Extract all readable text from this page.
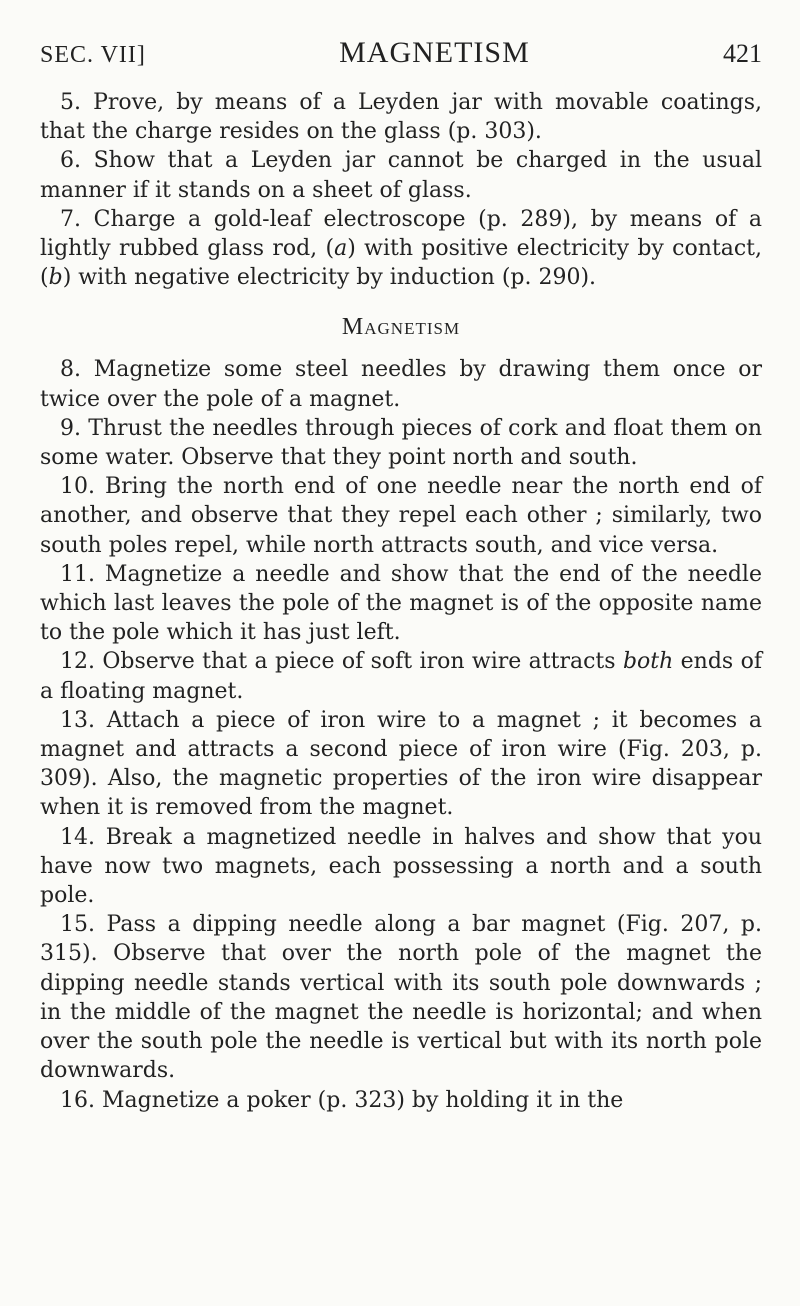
SEC. VII]	MAGNETISM	421

5. Prove, by means of a Leyden jar with movable coatings, that the charge resides on the glass (p. 303).

6. Show that a Leyden jar cannot be charged in the usual manner if it stands on a sheet of glass.

7. Charge a gold-leaf electroscope (p. 289), by means of a lightly rubbed glass rod, (a) with positive electricity by contact, (b) with negative electricity by induction (p. 290).

Magnetism

8. Magnetize some steel needles by drawing them once or twice over the pole of a magnet.

9. Thrust the needles through pieces of cork and float them on some water. Observe that they point north and south.

10. Bring the north end of one needle near the north end of another, and observe that they repel each other ; similarly, two south poles repel, while north attracts south, and vice versa.

11. Magnetize a needle and show that the end of the needle which last leaves the pole of the magnet is of the opposite name to the pole which it has just left.

12. Observe that a piece of soft iron wire attracts both ends of a floating magnet.

13. Attach a piece of iron wire to a magnet ; it becomes a magnet and attracts a second piece of iron wire (Fig. 203, p. 309). Also, the magnetic properties of the iron wire disappear when it is removed from the magnet.

14. Break a magnetized needle in halves and show that you have now two magnets, each possessing a north and a south pole.

15. Pass a dipping needle along a bar magnet (Fig. 207, p. 315). Observe that over the north pole of the magnet the dipping needle stands vertical with its south pole downwards ; in the middle of the magnet the needle is horizontal; and when over the south pole the needle is vertical but with its north pole downwards.

16. Magnetize a poker (p. 323) by holding it in the
